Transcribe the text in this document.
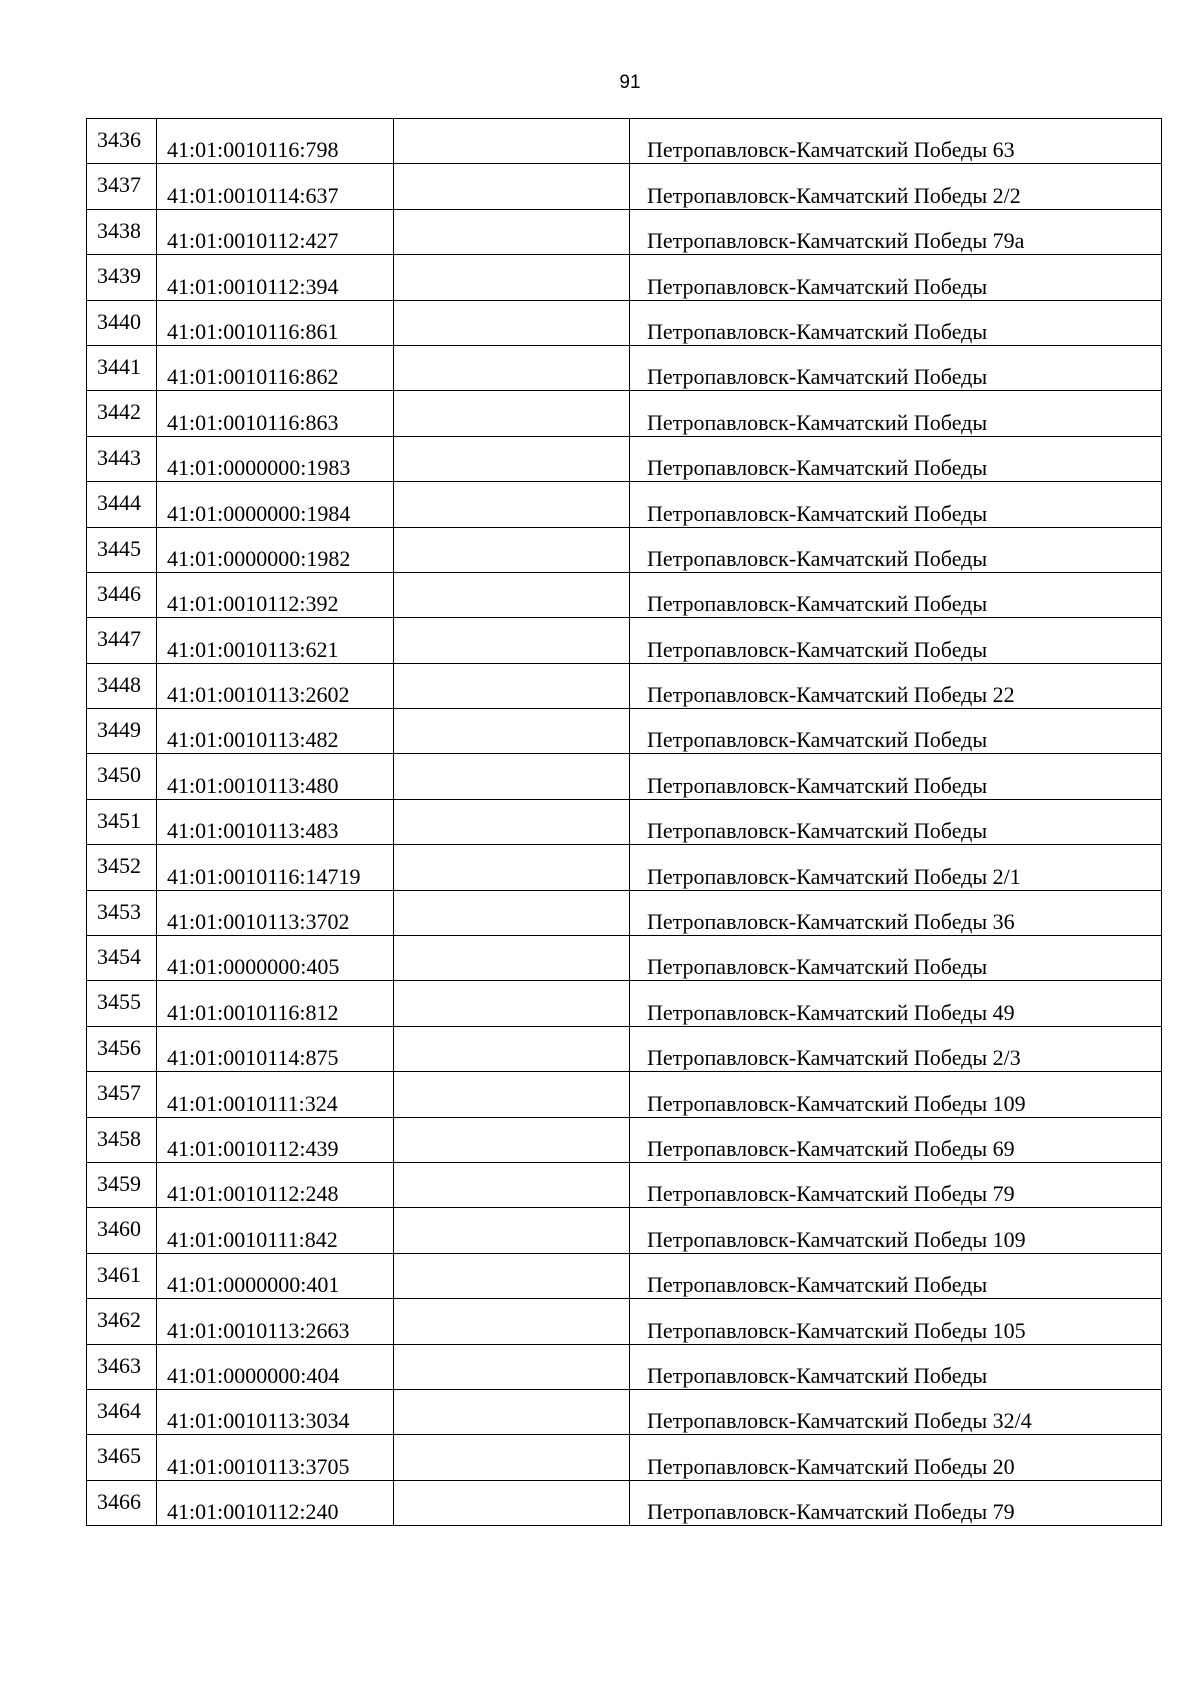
91
3436	41:01:0010116:798		Петропавловск-Камчатский Победы 63
3437	41:01:0010114:637		Петропавловск-Камчатский Победы 2/2
3438	41:01:0010112:427		Петропавловск-Камчатский Победы 79а
3439	41:01:0010112:394		Петропавловск-Камчатский Победы
3440	41:01:0010116:861		Петропавловск-Камчатский Победы
3441	41:01:0010116:862		Петропавловск-Камчатский Победы
3442	41:01:0010116:863		Петропавловск-Камчатский Победы
3443	41:01:0000000:1983		Петропавловск-Камчатский Победы
3444	41:01:0000000:1984		Петропавловск-Камчатский Победы
3445	41:01:0000000:1982		Петропавловск-Камчатский Победы
3446	41:01:0010112:392		Петропавловск-Камчатский Победы
3447	41:01:0010113:621		Петропавловск-Камчатский Победы
3448	41:01:0010113:2602		Петропавловск-Камчатский Победы 22
3449	41:01:0010113:482		Петропавловск-Камчатский Победы
3450	41:01:0010113:480		Петропавловск-Камчатский Победы
3451	41:01:0010113:483		Петропавловск-Камчатский Победы
3452	41:01:0010116:14719		Петропавловск-Камчатский Победы 2/1
3453	41:01:0010113:3702		Петропавловск-Камчатский Победы 36
3454	41:01:0000000:405		Петропавловск-Камчатский Победы
3455	41:01:0010116:812		Петропавловск-Камчатский Победы 49
3456	41:01:0010114:875		Петропавловск-Камчатский Победы 2/3
3457	41:01:0010111:324		Петропавловск-Камчатский Победы 109
3458	41:01:0010112:439		Петропавловск-Камчатский Победы 69
3459	41:01:0010112:248		Петропавловск-Камчатский Победы 79
3460	41:01:0010111:842		Петропавловск-Камчатский Победы 109
3461	41:01:0000000:401		Петропавловск-Камчатский Победы
3462	41:01:0010113:2663		Петропавловск-Камчатский Победы 105
3463	41:01:0000000:404		Петропавловск-Камчатский Победы
3464	41:01:0010113:3034		Петропавловск-Камчатский Победы 32/4
3465	41:01:0010113:3705		Петропавловск-Камчатский Победы 20
3466	41:01:0010112:240		Петропавловск-Камчатский Победы 79
